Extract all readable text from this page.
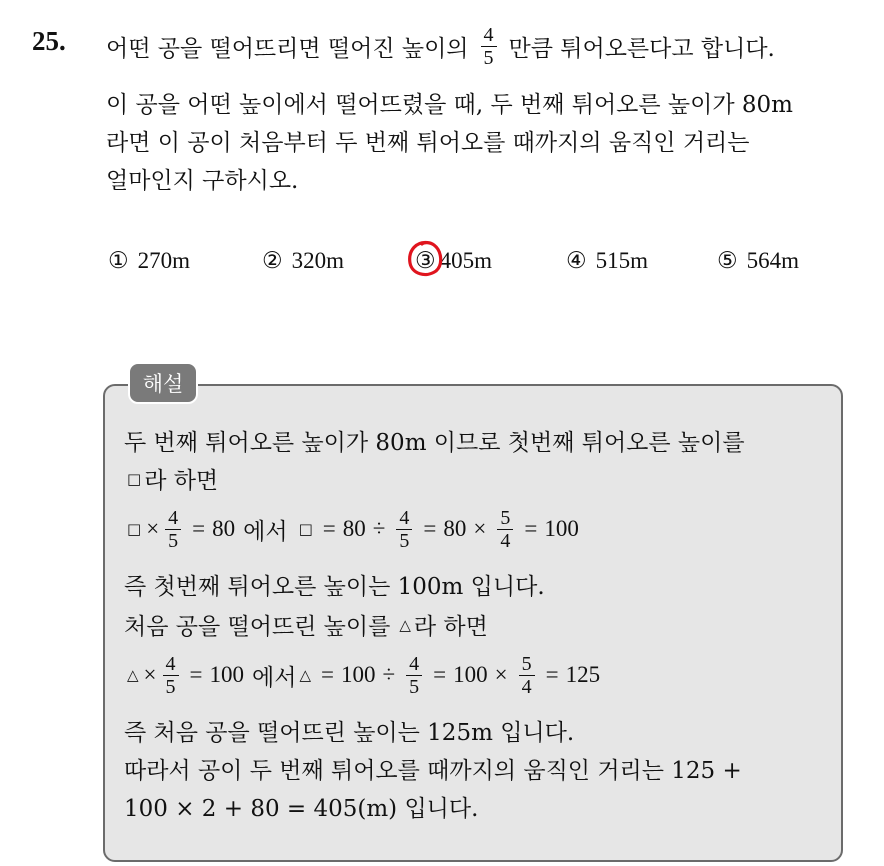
25. 어떤 공을 떨어뜨리면 떨어진 높이의 $\frac{4}{5}$ 만큼 튀어오른다고 합니다.
이 공을 어떤 높이에서 떨어뜨렸을 때, 두 번째 튀어오른 높이가 80m
라면 이 공이 처음부터 두 번째 튀어오를 때까지의 움직인 거리는
얼마인지 구하시오.
① 270m	② 320m	③ 405m	④ 515m	⑤ 564m
해설
두 번째 튀어오른 높이가 80m 이므로 첫번째 튀어오른 높이를
□ 라 하면
□ × $\frac{4}{5} = 80$ 에서 □ = $80 \div \frac{4}{5} = 80 \times \frac{5}{4} = 100$
즉 첫번째 튀어오른 높이는 100m 입니다.
처음 공을 떨어뜨린 높이를 △ 라 하면
△ × $\frac{4}{5} = 100$ 에서 △ = $100 \div \frac{4}{5} = 100 \times \frac{5}{4} = 125$
즉 처음 공을 떨어뜨린 높이는 125m 입니다.
따라서 공이 두 번째 튀어오를 때까지의 움직인 거리는 125 +
100 × 2 + 80 = 405(m) 입니다.
